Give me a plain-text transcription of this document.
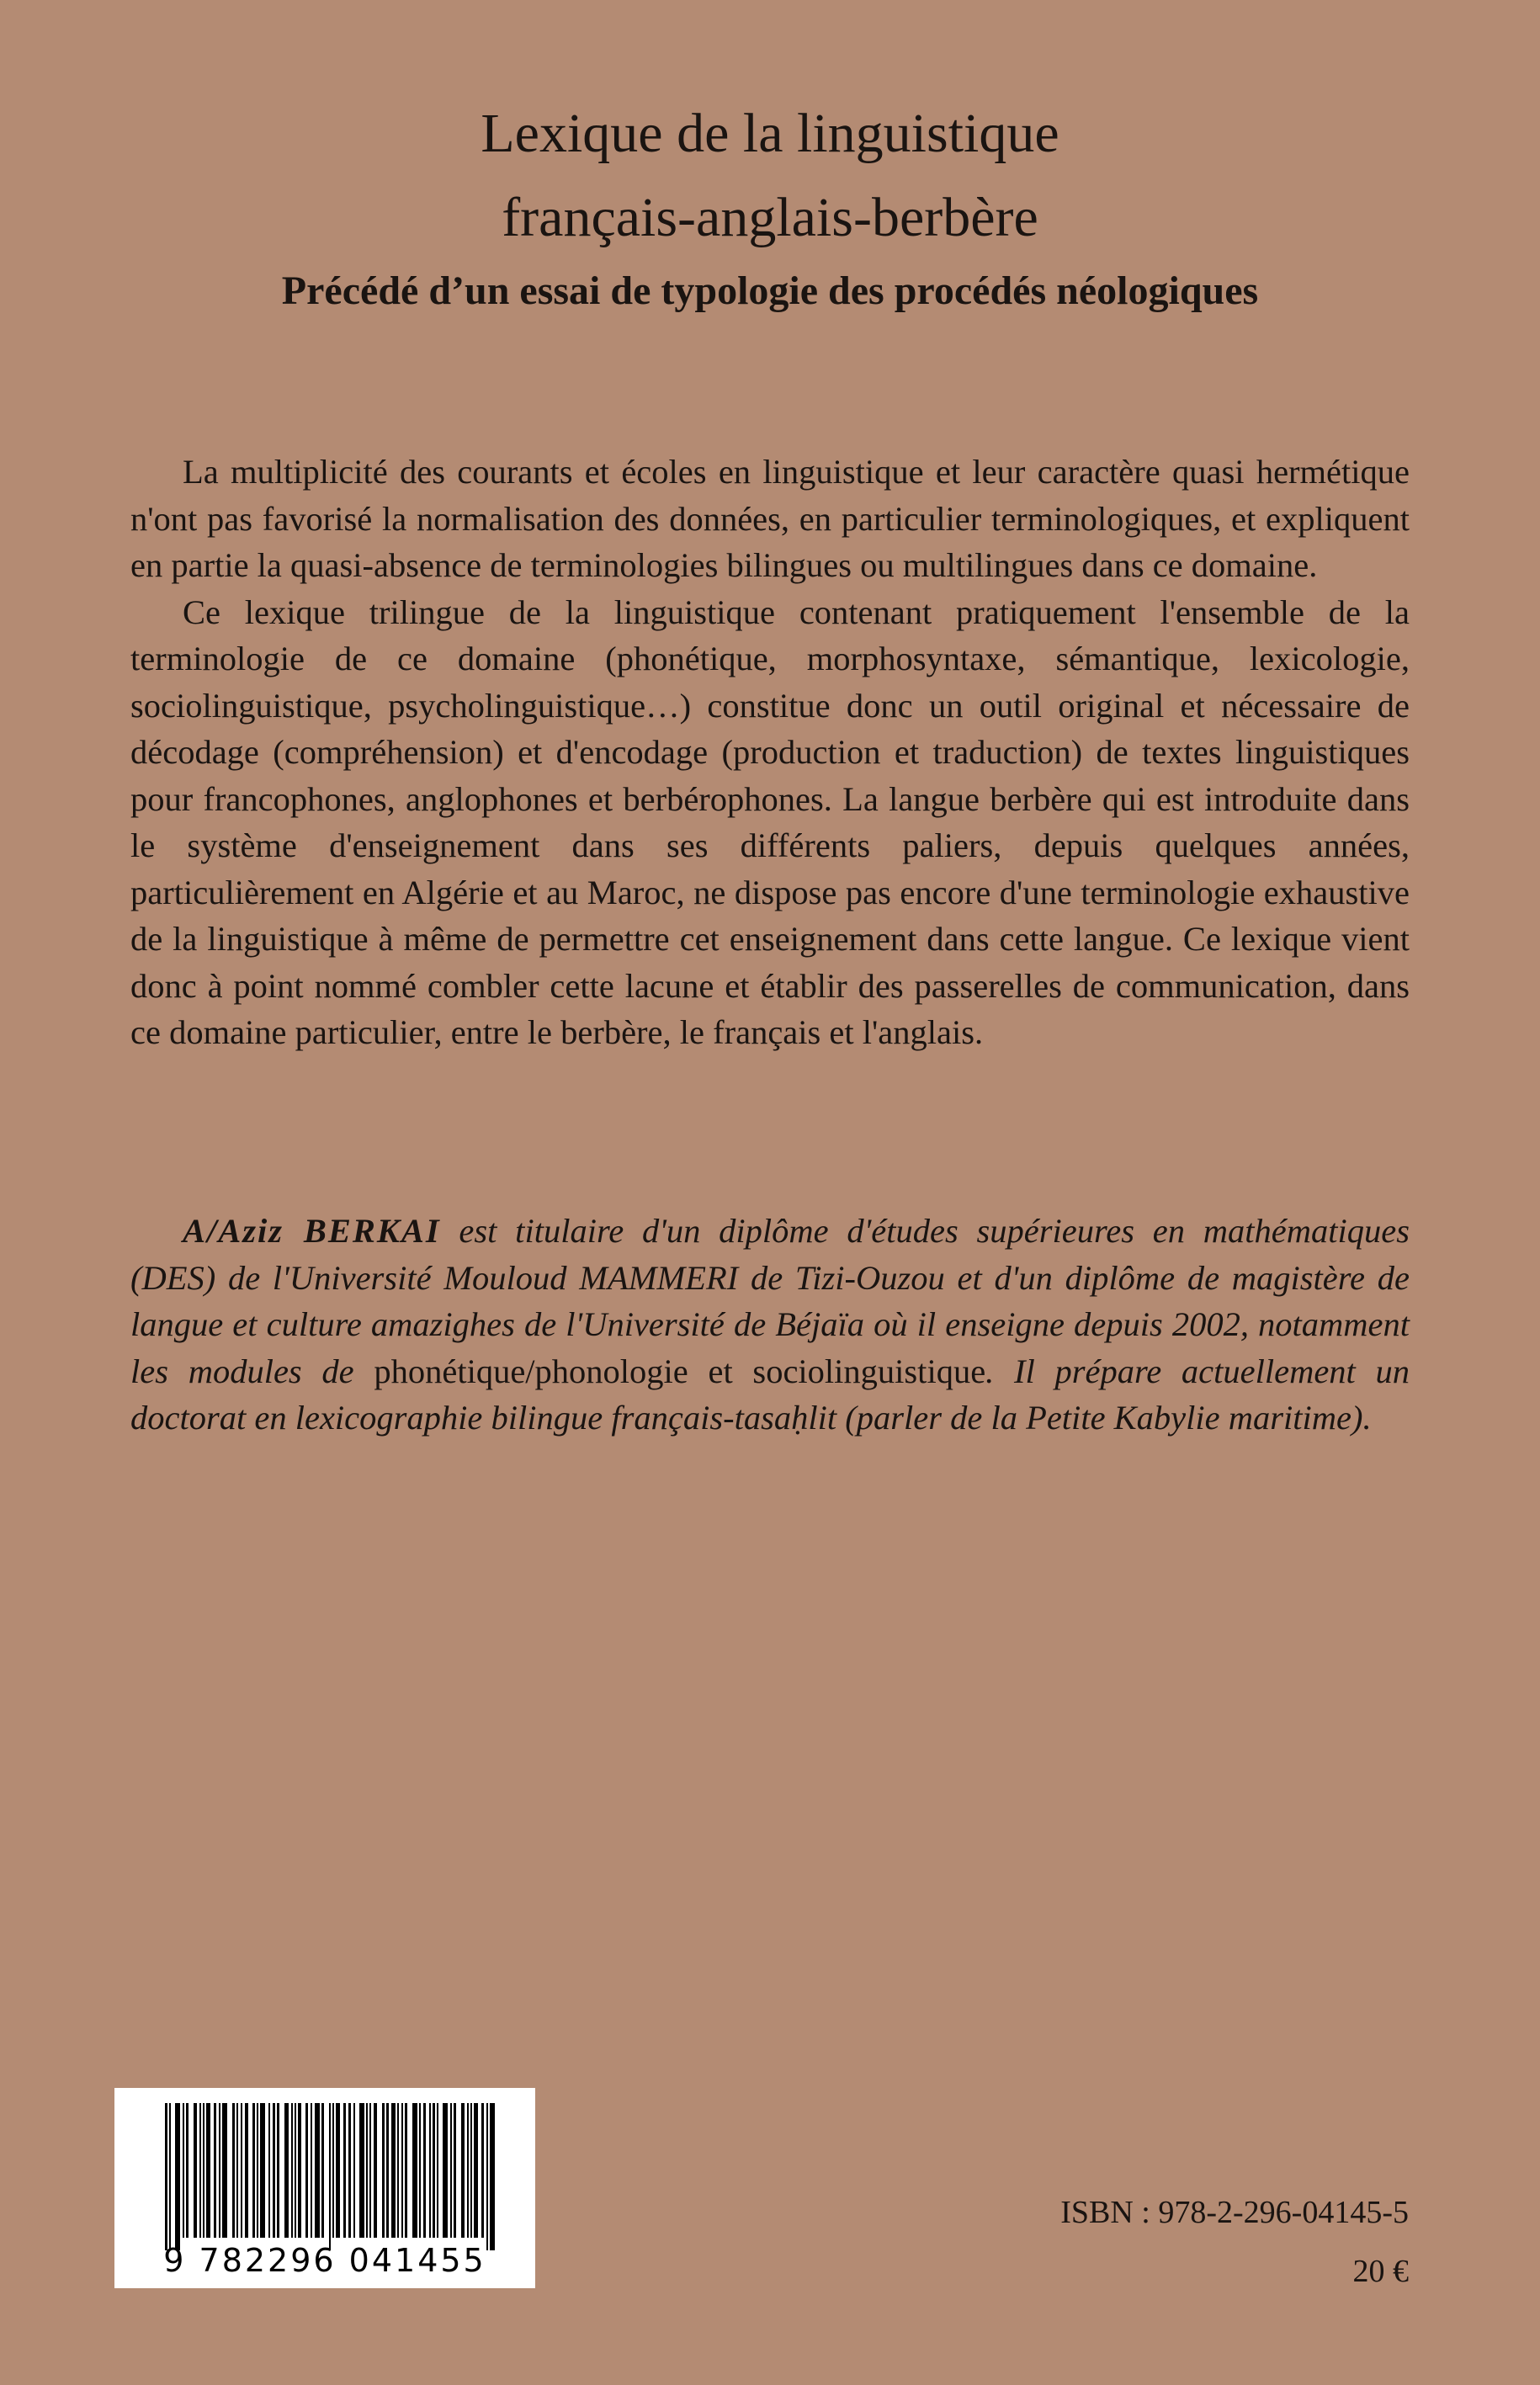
Lexique de la linguistique
français-anglais-berbère
Précédé d’un essai de typologie des procédés néologiques

La multiplicité des courants et écoles en linguistique et leur caractère quasi hermétique n'ont pas favorisé la normalisation des données, en particulier terminologiques, et expliquent en partie la quasi-absence de terminologies bilingues ou multilingues dans ce domaine.

Ce lexique trilingue de la linguistique contenant pratiquement l'ensemble de la terminologie de ce domaine (phonétique, morphosyntaxe, sémantique, lexicologie, sociolinguistique, psycholinguistique…) constitue donc un outil original et nécessaire de décodage (compréhension) et d'encodage (production et traduction) de textes linguistiques pour francophones, anglophones et berbérophones. La langue berbère qui est introduite dans le système d'enseignement dans ses différents paliers, depuis quelques années, particulièrement en Algérie et au Maroc, ne dispose pas encore d'une terminologie exhaustive de la linguistique à même de permettre cet enseignement dans cette langue. Ce lexique vient donc à point nommé combler cette lacune et établir des passerelles de communication, dans ce domaine particulier, entre le berbère, le français et l'anglais.

A/Aziz BERKAI est titulaire d'un diplôme d'études supérieures en mathématiques (DES) de l'Université Mouloud MAMMERI de Tizi-Ouzou et d'un diplôme de magistère de langue et culture amazighes de l'Université de Béjaïa où il enseigne depuis 2002, notamment les modules de phonétique/phonologie et sociolinguistique. Il prépare actuellement un doctorat en lexicographie bilingue français-tasaḥlit (parler de la Petite Kabylie maritime).

9 782296 041455

ISBN : 978-2-296-04145-5

20 €
